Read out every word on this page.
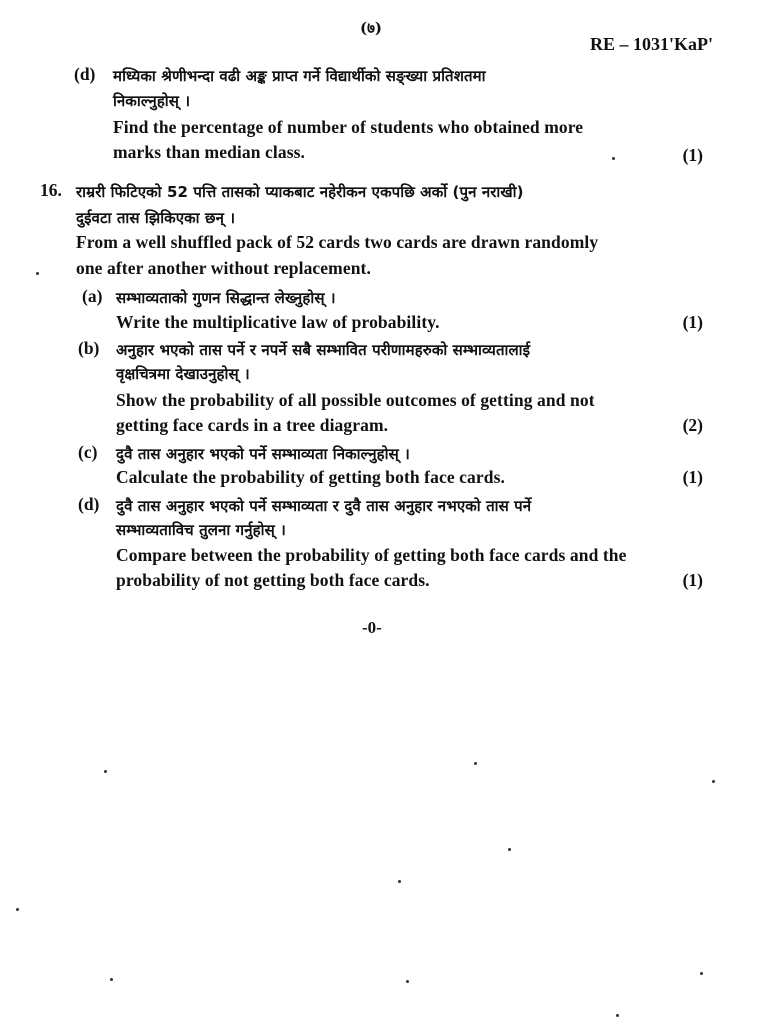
(७)
RE – 1031'KaP'
(d) मध्यिका श्रेणीभन्दा वढी अङ्क प्राप्त गर्ने विद्यार्थीको सङ्ख्या प्रतिशतमा
निकाल्नुहोस् ।
Find the percentage of number of students who obtained more
marks than median class.	(1)
16. राम्ररी फिटिएको 52 पत्ति तासको प्याकबाट नहेरीकन एकपछि अर्को (पुन नराखी)
दुईवटा तास झिकिएका छन् ।
From a well shuffled pack of 52 cards two cards are drawn randomly
one after another without replacement.
(a) सम्भाव्यताको गुणन सिद्धान्त लेख्नुहोस् ।
Write the multiplicative law of probability.	(1)
(b) अनुहार भएको तास पर्ने र नपर्ने सबै सम्भावित परीणामहरुको सम्भाव्यतालाई
वृक्षचित्रमा देखाउनुहोस् ।
Show the probability of all possible outcomes of getting and not
getting face cards in a tree diagram.	(2)
(c) दुवै तास अनुहार भएको पर्ने सम्भाव्यता निकाल्नुहोस् ।
Calculate the probability of getting both face cards.	(1)
(d) दुवै तास अनुहार भएको पर्ने सम्भाव्यता र दुवै तास अनुहार नभएको तास पर्ने
सम्भाव्यताविच तुलना गर्नुहोस् ।
Compare between the probability of getting both face cards and the
probability of not getting both face cards.	(1)
-0-
